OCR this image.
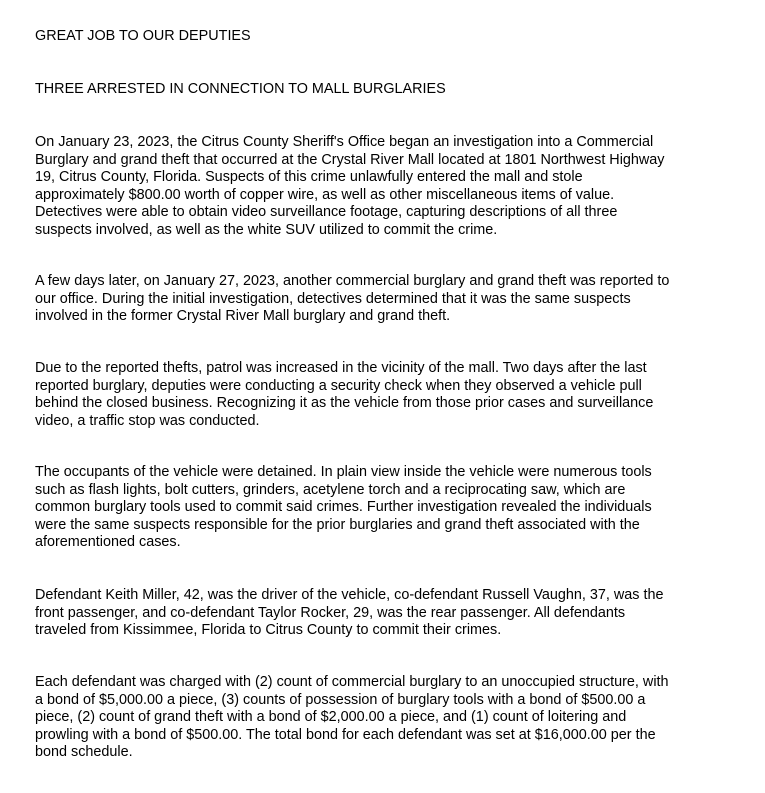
GREAT JOB TO OUR DEPUTIES
THREE ARRESTED IN CONNECTION TO MALL BURGLARIES
On January 23, 2023, the Citrus County Sheriff's Office began an investigation into a Commercial
Burglary and grand theft that occurred at the Crystal River Mall located at 1801 Northwest Highway
19, Citrus County, Florida. Suspects of this crime unlawfully entered the mall and stole
approximately $800.00 worth of copper wire, as well as other miscellaneous items of value.
Detectives were able to obtain video surveillance footage, capturing descriptions of all three
suspects involved, as well as the white SUV utilized to commit the crime.
A few days later, on January 27, 2023, another commercial burglary and grand theft was reported to
our office. During the initial investigation, detectives determined that it was the same suspects
involved in the former Crystal River Mall burglary and grand theft.
Due to the reported thefts, patrol was increased in the vicinity of the mall. Two days after the last
reported burglary, deputies were conducting a security check when they observed a vehicle pull
behind the closed business. Recognizing it as the vehicle from those prior cases and surveillance
video, a traffic stop was conducted.
The occupants of the vehicle were detained. In plain view inside the vehicle were numerous tools
such as flash lights, bolt cutters, grinders, acetylene torch and a reciprocating saw, which are
common burglary tools used to commit said crimes. Further investigation revealed the individuals
were the same suspects responsible for the prior burglaries and grand theft associated with the
aforementioned cases.
Defendant Keith Miller, 42, was the driver of the vehicle, co-defendant Russell Vaughn, 37, was the
front passenger, and co-defendant Taylor Rocker, 29, was the rear passenger. All defendants
traveled from Kissimmee, Florida to Citrus County to commit their crimes.
Each defendant was charged with (2) count of commercial burglary to an unoccupied structure, with
a bond of $5,000.00 a piece, (3) counts of possession of burglary tools with a bond of $500.00 a
piece, (2) count of grand theft with a bond of $2,000.00 a piece, and (1) count of loitering and
prowling with a bond of $500.00. The total bond for each defendant was set at $16,000.00 per the
bond schedule.
